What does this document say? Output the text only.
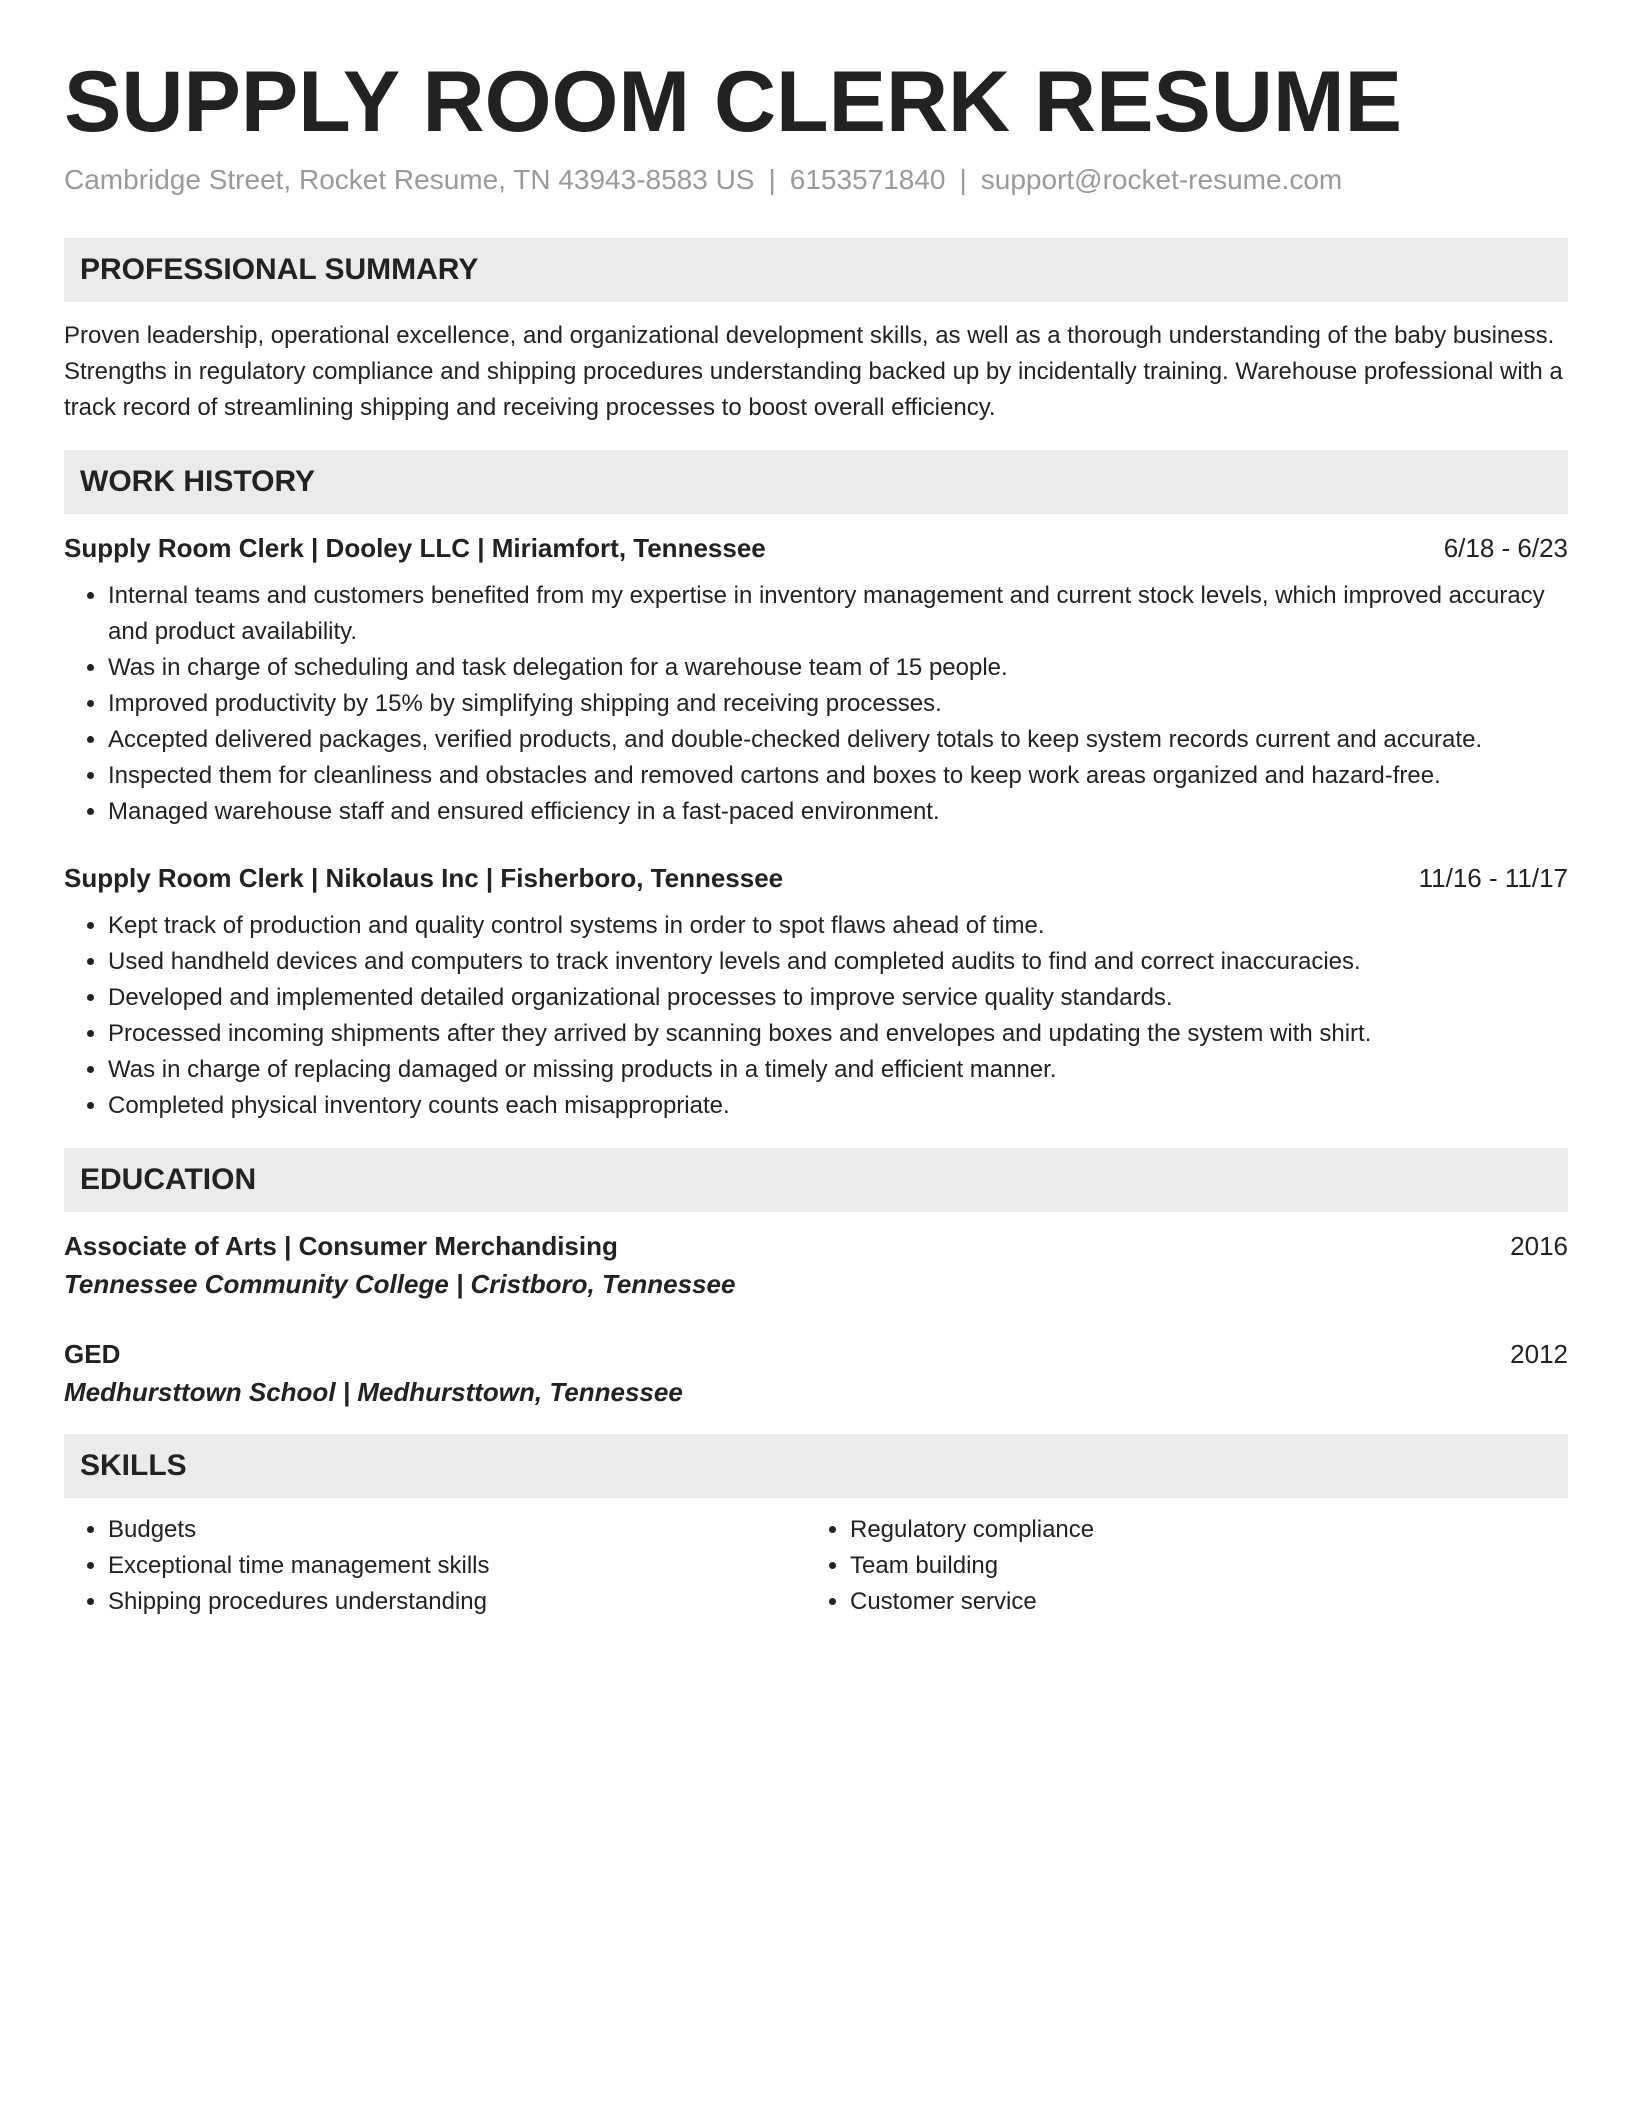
SUPPLY ROOM CLERK RESUME
Cambridge Street, Rocket Resume, TN 43943-8583 US | 6153571840 | support@rocket-resume.com
PROFESSIONAL SUMMARY

Proven leadership, operational excellence, and organizational development skills, as well as a thorough understanding of the baby business. Strengths in regulatory compliance and shipping procedures understanding backed up by incidentally training. Warehouse professional with a track record of streamlining shipping and receiving processes to boost overall efficiency.

WORK HISTORY
Supply Room Clerk | Dooley LLC | Miriamfort, Tennessee	6/18 - 6/23
• Internal teams and customers benefited from my expertise in inventory management and current stock levels, which improved accuracy and product availability.
• Was in charge of scheduling and task delegation for a warehouse team of 15 people.
• Improved productivity by 15% by simplifying shipping and receiving processes.
• Accepted delivered packages, verified products, and double-checked delivery totals to keep system records current and accurate.
• Inspected them for cleanliness and obstacles and removed cartons and boxes to keep work areas organized and hazard-free.
• Managed warehouse staff and ensured efficiency in a fast-paced environment.
Supply Room Clerk | Nikolaus Inc | Fisherboro, Tennessee	11/16 - 11/17
• Kept track of production and quality control systems in order to spot flaws ahead of time.
• Used handheld devices and computers to track inventory levels and completed audits to find and correct inaccuracies.
• Developed and implemented detailed organizational processes to improve service quality standards.
• Processed incoming shipments after they arrived by scanning boxes and envelopes and updating the system with shirt.
• Was in charge of replacing damaged or missing products in a timely and efficient manner.
• Completed physical inventory counts each misappropriate.
EDUCATION
Associate of Arts | Consumer Merchandising	2016
Tennessee Community College | Cristboro, Tennessee
GED	2012
Medhursttown School | Medhursttown, Tennessee
SKILLS
• Budgets
• Exceptional time management skills
• Shipping procedures understanding
• Regulatory compliance
• Team building
• Customer service
